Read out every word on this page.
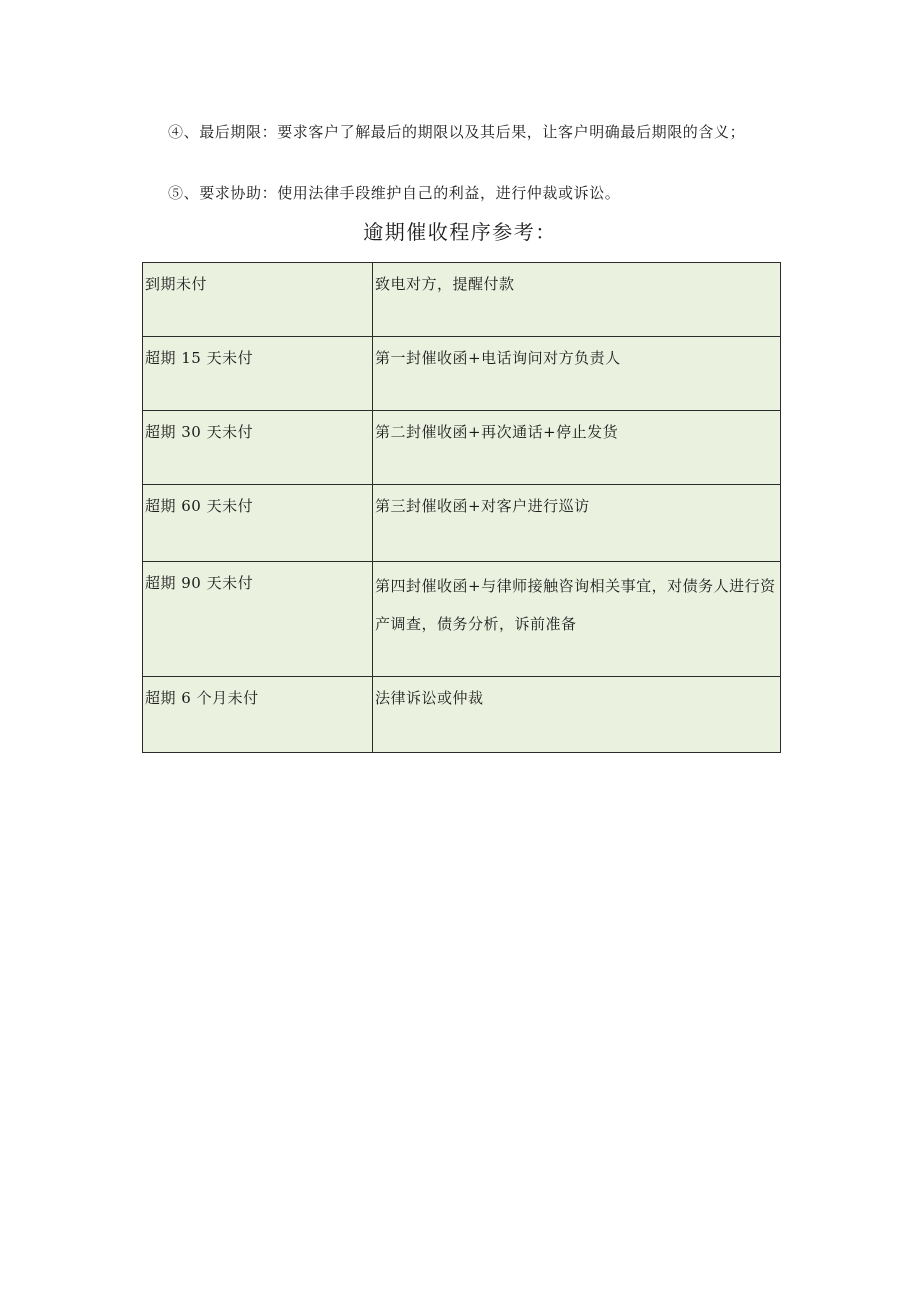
④、最后期限：要求客户了解最后的期限以及其后果，让客户明确最后期限的含义；

⑤、要求协助：使用法律手段维护自己的利益，进行仲裁或诉讼。

逾期催收程序参考：
到期未付	致电对方，提醒付款
超期 15 天未付	第一封催收函+电话询问对方负责人
超期 30 天未付	第二封催收函+再次通话+停止发货
超期 60 天未付	第三封催收函+对客户进行巡访
超期 90 天未付	第四封催收函+与律师接触咨询相关事宜，对债务人进行资产调查，债务分析，诉前准备
超期 6 个月未付	法律诉讼或仲裁
